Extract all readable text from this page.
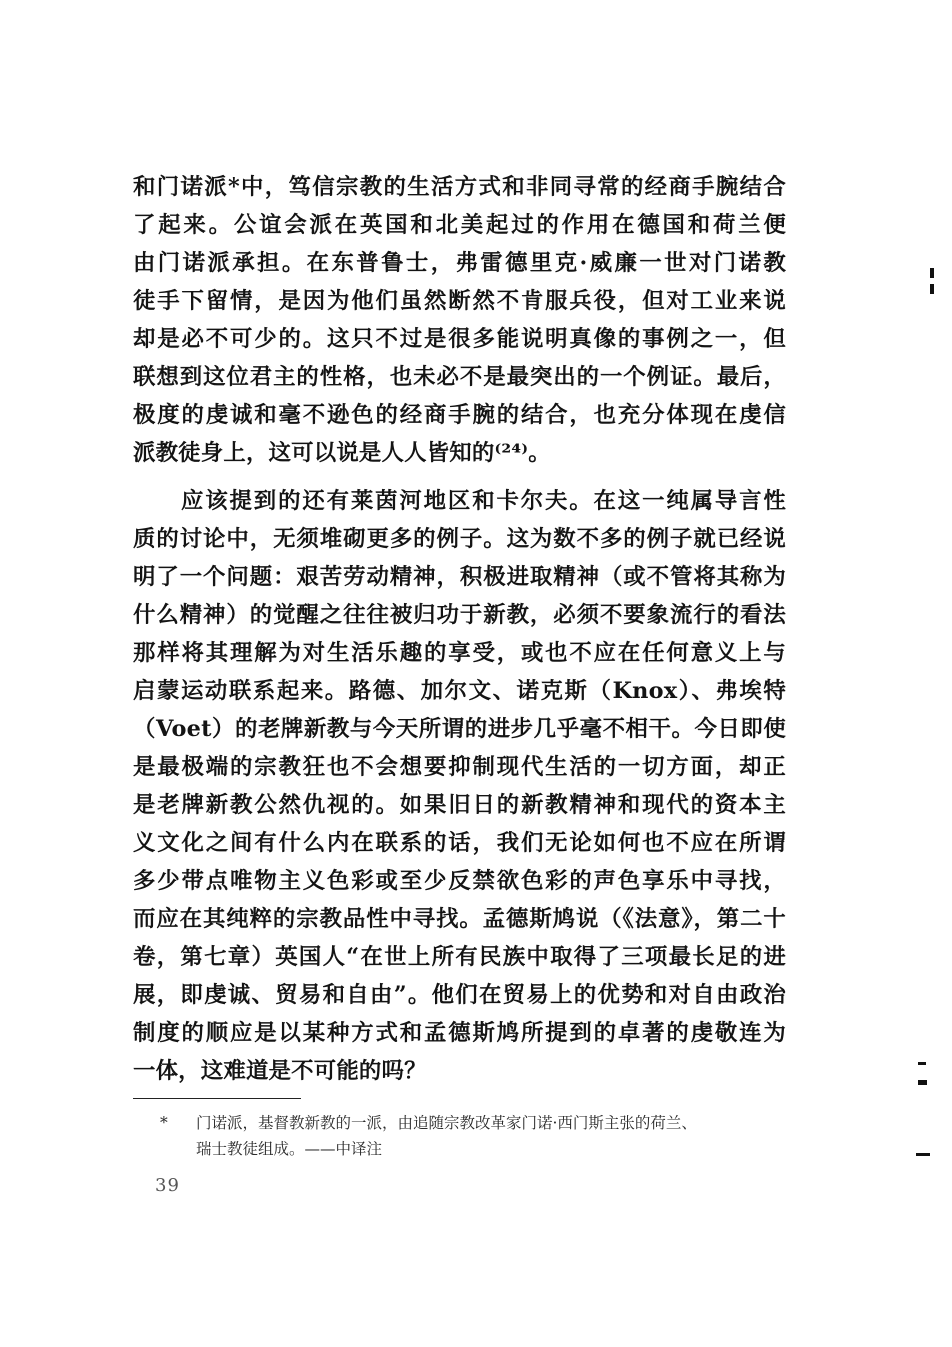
和门诺派*中，笃信宗教的生活方式和非同寻常的经商手腕结合
了起来。公谊会派在英国和北美起过的作用在德国和荷兰便
由门诺派承担。在东普鲁士，弗雷德里克·威廉一世对门诺教
徒手下留情，是因为他们虽然断然不肯服兵役，但对工业来说
却是必不可少的。这只不过是很多能说明真像的事例之一，但
联想到这位君主的性格，也未必不是最突出的一个例证。最后，
极度的虔诚和毫不逊色的经商手腕的结合，也充分体现在虔信
派教徒身上，这可以说是人人皆知的⁽²⁴⁾。
应该提到的还有莱茵河地区和卡尔夫。在这一纯属导言性
质的讨论中，无须堆砌更多的例子。这为数不多的例子就已经说
明了一个问题：艰苦劳动精神，积极进取精神（或不管将其称为
什么精神）的觉醒之往往被归功于新教，必须不要象流行的看法
那样将其理解为对生活乐趣的享受，或也不应在任何意义上与
启蒙运动联系起来。路德、加尔文、诺克斯（Knox）、弗埃特
（Voet）的老牌新教与今天所谓的进步几乎毫不相干。今日即使
是最极端的宗教狂也不会想要抑制现代生活的一切方面，却正
是老牌新教公然仇视的。如果旧日的新教精神和现代的资本主
义文化之间有什么内在联系的话，我们无论如何也不应在所谓
多少带点唯物主义色彩或至少反禁欲色彩的声色享乐中寻找，
而应在其纯粹的宗教品性中寻找。孟德斯鸠说（《法意》，第二十
卷，第七章）英国人“在世上所有民族中取得了三项最长足的进
展，即虔诚、贸易和自由”。他们在贸易上的优势和对自由政治
制度的顺应是以某种方式和孟德斯鸠所提到的卓著的虔敬连为
一体，这难道是不可能的吗？
* 门诺派，基督教新教的一派，由追随宗教改革家门诺·西门斯主张的荷兰、
瑞士教徒组成。——中译注
39
